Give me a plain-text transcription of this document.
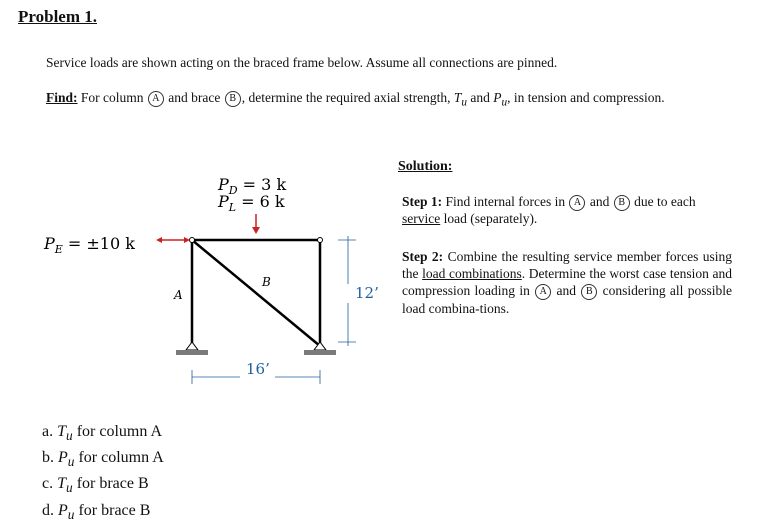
Problem 1.
Service loads are shown acting on the braced frame below. Assume all connections are pinned.
Find: For column A and brace B , determine the required axial strength, $T_u$ and $P_u$, in tension and compression.
$P_D = 3$ k
$P_L = 6$ k
$P_E = \pm 10$ k
A
B
16’
12’
Solution:
Step 1: Find internal forces in A and B due to each service load (separately).
Step 2: Combine the resulting service member forces using the load combinations. Determine the worst case tension and compression loading in A and B considering all possible load combina-tions.
a. $T_u$ for column A
b. $P_u$ for column A
c. $T_u$ for brace B
d. $P_u$ for brace B
